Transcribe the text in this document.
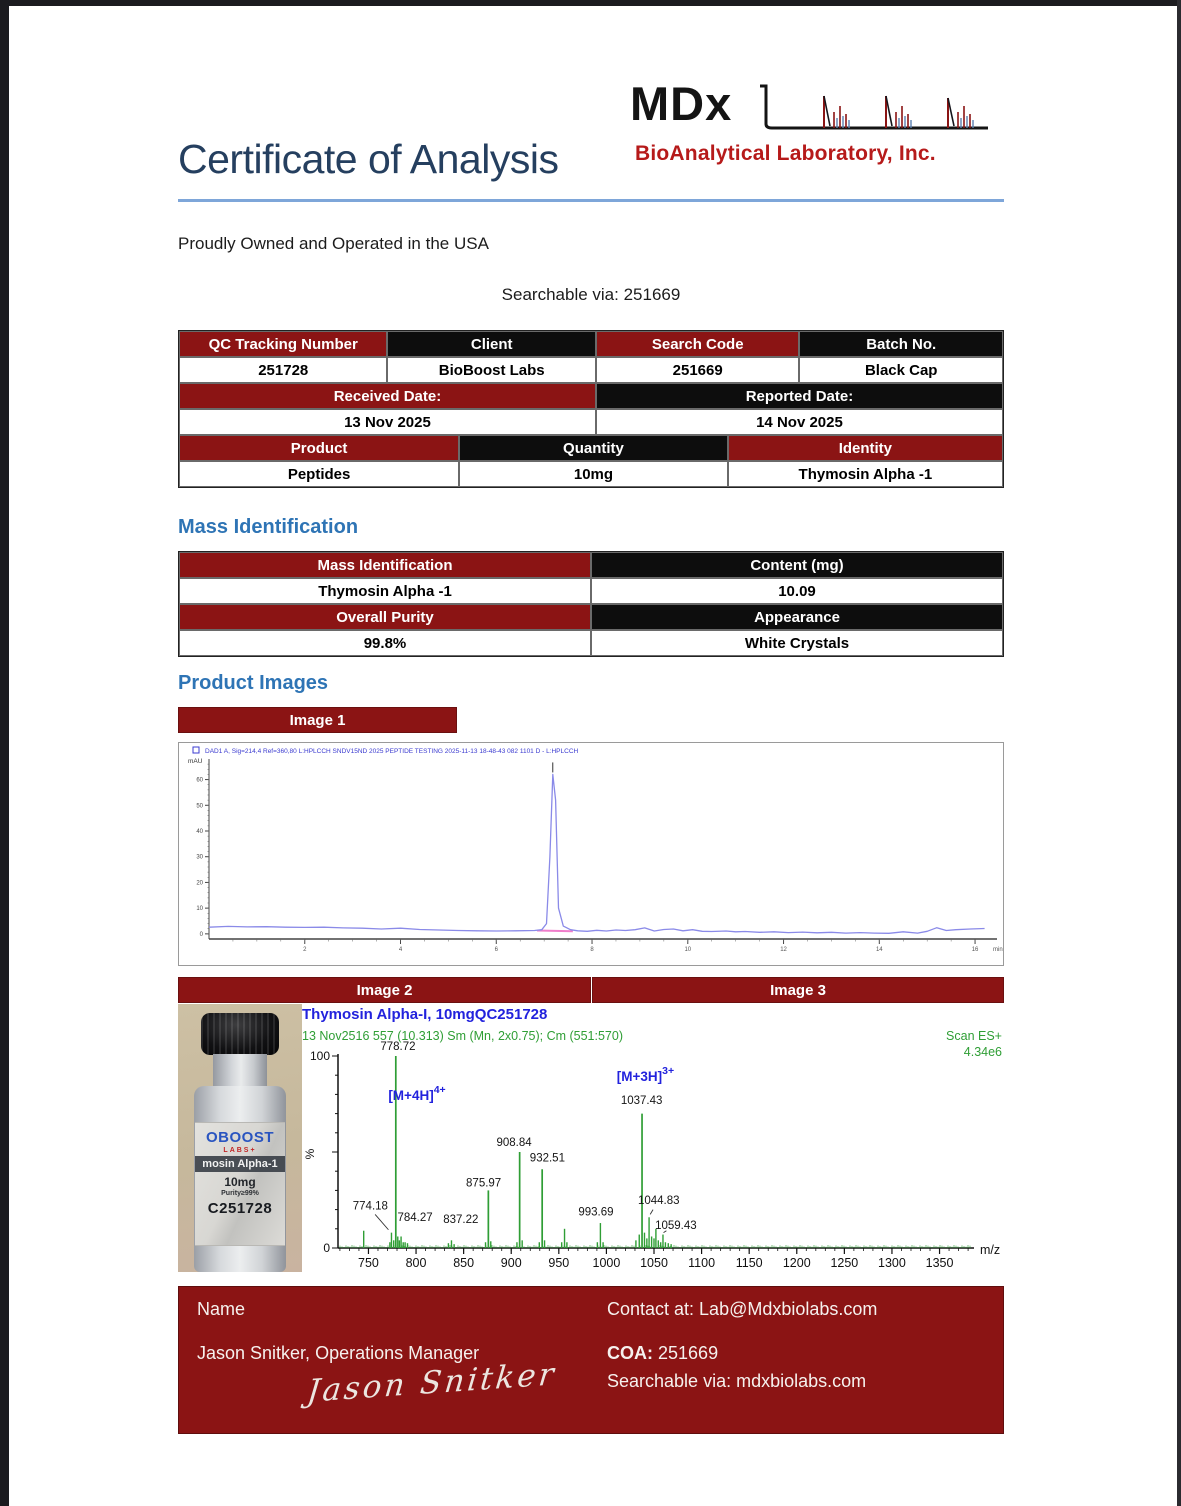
MDx
BioAnalytical Laboratory, Inc.
Certificate of Analysis
Proudly Owned and Operated in the USA
Searchable via: 251669
QC Tracking Number	Client	Search Code	Batch No.
251728	BioBoost Labs	251669	Black Cap
Received Date:	Reported Date:
13 Nov 2025	14 Nov 2025
Product	Quantity	Identity
Peptides	10mg	Thymosin Alpha -1
Mass Identification
Mass Identification	Content (mg)
Thymosin Alpha -1	10.09
Overall Purity	Appearance
99.8%	White Crystals
Product Images
Image 1
DAD1 A, Sig=214,4 Ref=360,80 L:HPLCCH SNDV15ND 2025 PEPTIDE TESTING 2025-11-13 18-48-43 082 1101 D - L:HPLCCH
mAU
0
10
20
30
40
50
60
2	4	6	8	10	12	14	16 min
Image 2	Image 3
OBOOST
LABS+
mosin Alpha-1
10mg
Purity≥99%
C251728
Thymosin Alpha-I, 10mgQC251728
13 Nov2516 557 (10.313) Sm (Mn, 2x0.75); Cm (551:570)	Scan ES+
4.34e6
100
0
%
750 800 850 900 950 1000 1050 1100 1150 1200 1250 1300 1350
m/z
778.72
774.18
784.27 837.22
875.97
908.84
932.51
993.69
1037.43
1044.83
1059.43
$[M+4H]^{4+}$
$[M+3H]^{3+}$
Name
Jason Snitker, Operations Manager
Jason Snitker
Contact at: Lab@Mdxbiolabs.com
COA: 251669
Searchable via: mdxbiolabs.com
